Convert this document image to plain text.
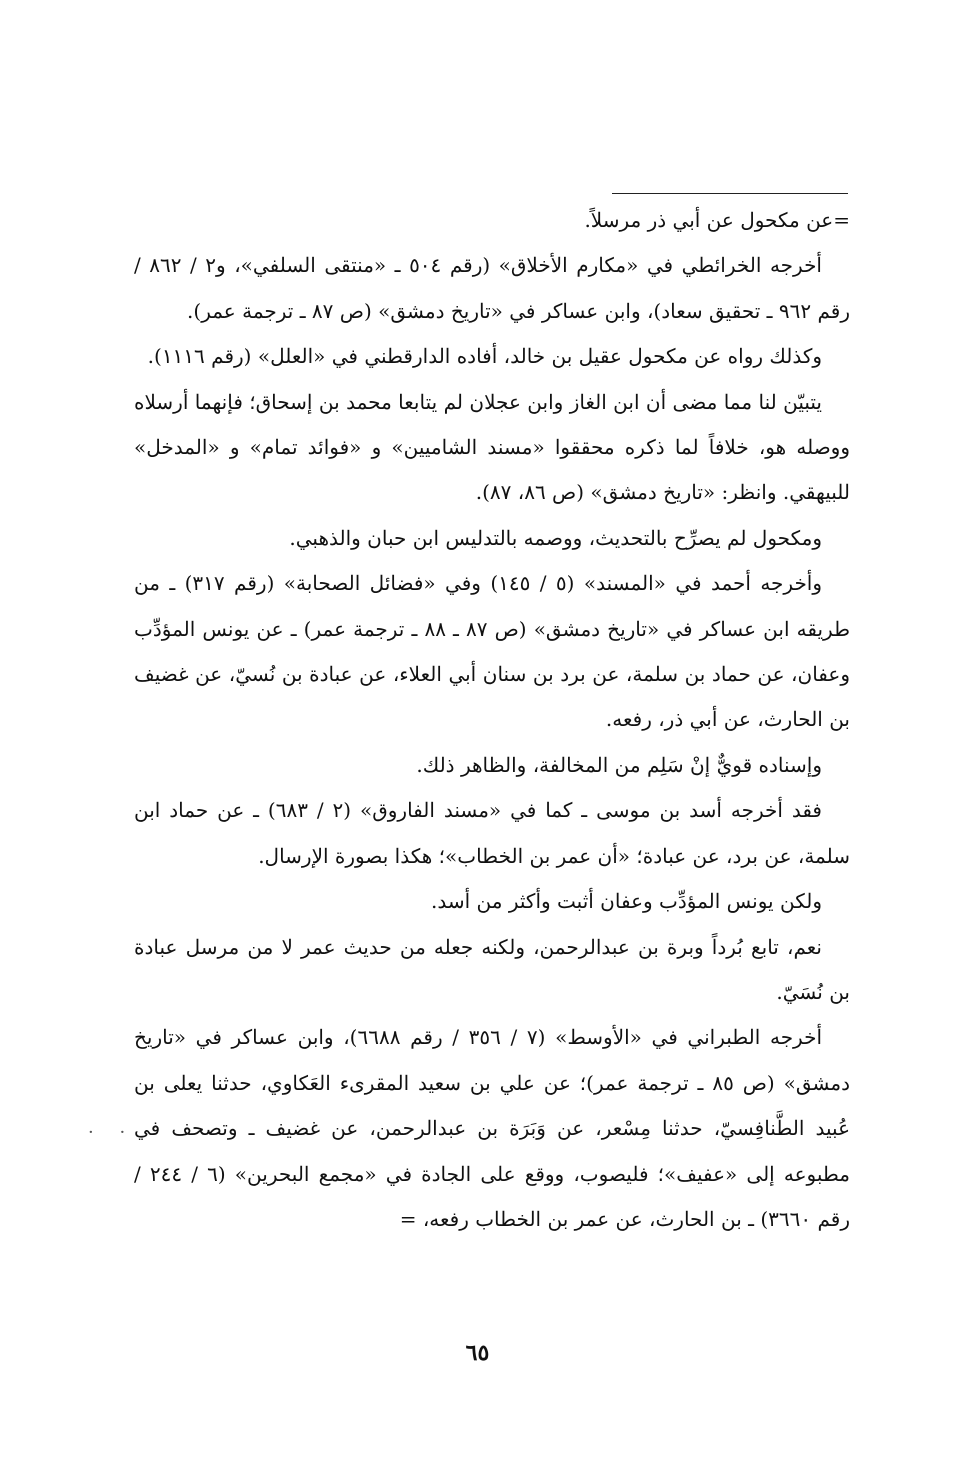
=عن مكحول عن أبي ذر مرسلاً.

أخرجه الخرائطي في «مكارم الأخلاق» (رقم ٥٠٤ ـ «منتقى السلفي»، و٢ / ٨٦٢ / رقم ٩٦٢ ـ تحقيق سعاد)، وابن عساكر في «تاريخ دمشق» (ص ٨٧ ـ ترجمة عمر).

وكذلك رواه عن مكحول عقيل بن خالد، أفاده الدارقطني في «العلل» (رقم ١١١٦).

يتبيّن لنا مما مضى أن ابن الغاز وابن عجلان لم يتابعا محمد بن إسحاق؛ فإنهما أرسلاه ووصله هو، خلافاً لما ذكره محققوا «مسند الشاميين» و «فوائد تمام» و «المدخل» للبيهقي. وانظر: «تاريخ دمشق» (ص ٨٦، ٨٧).

ومكحول لم يصرِّح بالتحديث، ووصمه بالتدليس ابن حبان والذهبي.

وأخرجه أحمد في «المسند» (٥ / ١٤٥) وفي «فضائل الصحابة» (رقم ٣١٧) ـ من طريقه ابن عساكر في «تاريخ دمشق» (ص ٨٧ ـ ٨٨ ـ ترجمة عمر) ـ عن يونس المؤدِّب وعفان، عن حماد بن سلمة، عن برد بن سنان أبي العلاء، عن عبادة بن نُسيّ، عن غضيف بن الحارث، عن أبي ذر، رفعه.

وإسناده قويٌّ إنْ سَلِم من المخالفة، والظاهر ذلك.

فقد أخرجه أسد بن موسى ـ كما في «مسند الفاروق» (٢ / ٦٨٣) ـ عن حماد ابن سلمة، عن برد، عن عبادة؛ «أن عمر بن الخطاب»؛ هكذا بصورة الإرسال.

ولكن يونس المؤدِّب وعفان أثبت وأكثر من أسد.

نعم، تابع بُرداً وبرة بن عبدالرحمن، ولكنه جعله من حديث عمر لا من مرسل عبادة بن نُسَيّ.

أخرجه الطبراني في «الأوسط» (٧ / ٣٥٦ / رقم ٦٦٨٨)، وابن عساكر في «تاريخ دمشق» (ص ٨٥ ـ ترجمة عمر)؛ عن علي بن سعيد المقرىء العَكاوي، حدثنا يعلى بن عُبيد الطَّنافِسيّ، حدثنا مِسْعر، عن وَبَرَة بن عبدالرحمن، عن غضيف ـ وتصحف في مطبوعه إلى «عفيف»؛ فليصوب، ووقع على الجادة في «مجمع البحرين» (٦ / ٢٤٤ / رقم ٣٦٦٠) ـ بن الحارث، عن عمر بن الخطاب رفعه، =

· ·
٦٥
